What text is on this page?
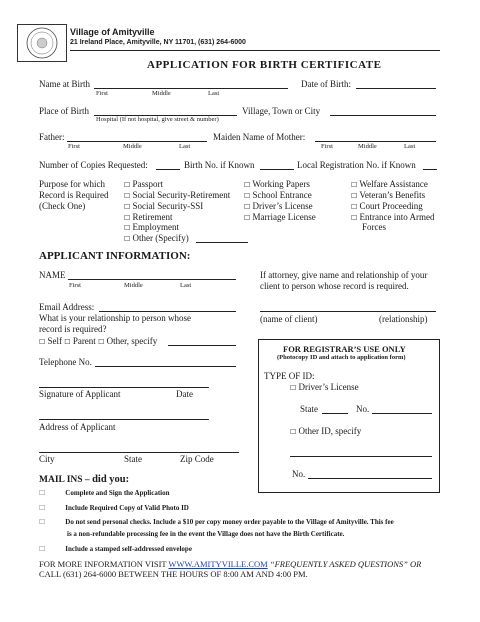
Village of Amityville
21 Ireland Place, Amityville, NY 11701, (631) 264-6000
APPLICATION FOR BIRTH CERTIFICATE
Name at Birth
First	Middle	Last
Date of Birth:
Place of Birth
Hospital (If not hospital, give street & number)
Village, Town or City
Father:
First	Middle	Last
Maiden Name of Mother:
First	Middle	Last
Number of Copies Requested:	Birth No. if Known	Local Registration No. if Known
Purpose for which
Record is Required
(Check One)
☐ Passport
☐ Social Security-Retirement
☐ Social Security-SSI
☐ Retirement
☐ Employment
☐ Other (Specify)
☐ Working Papers
☐ School Entrance
☐ Driver’s License
☐ Marriage License
☐ Welfare Assistance
☐ Veteran’s Benefits
☐ Court Proceeding
☐ Entrance into Armed
Forces
APPLICANT INFORMATION:
NAME
First	Middle	Last
If attorney, give name and relationship of your
client to person whose record is required.
(name of client)	(relationship)
Email Address:
What is your relationship to person whose
record is required?
☐ Self ☐ Parent ☐ Other, specify
Telephone No.
Signature of Applicant	Date
Address of Applicant
City	State	Zip Code
FOR REGISTRAR’S USE ONLY
(Photocopy ID and attach to application form)
TYPE OF ID:
☐ Driver’s License
State	No.
☐ Other ID, specify
No.
MAIL INS – did you:
☐	Complete and Sign the Application
☐	Include Required Copy of Valid Photo ID
☐	Do not send personal checks. Include a $10 per copy money order payable to the Village of Amityville. This fee
is a non-refundable processing fee in the event the Village does not have the Birth Certificate.
☐	Include a stamped self-addressed envelope
FOR MORE INFORMATION VISIT WWW.AMITYVILLE.COM “FREQUENTLY ASKED QUESTIONS” OR
CALL (631) 264-6000 BETWEEN THE HOURS OF 8:00 AM AND 4:00 PM.
